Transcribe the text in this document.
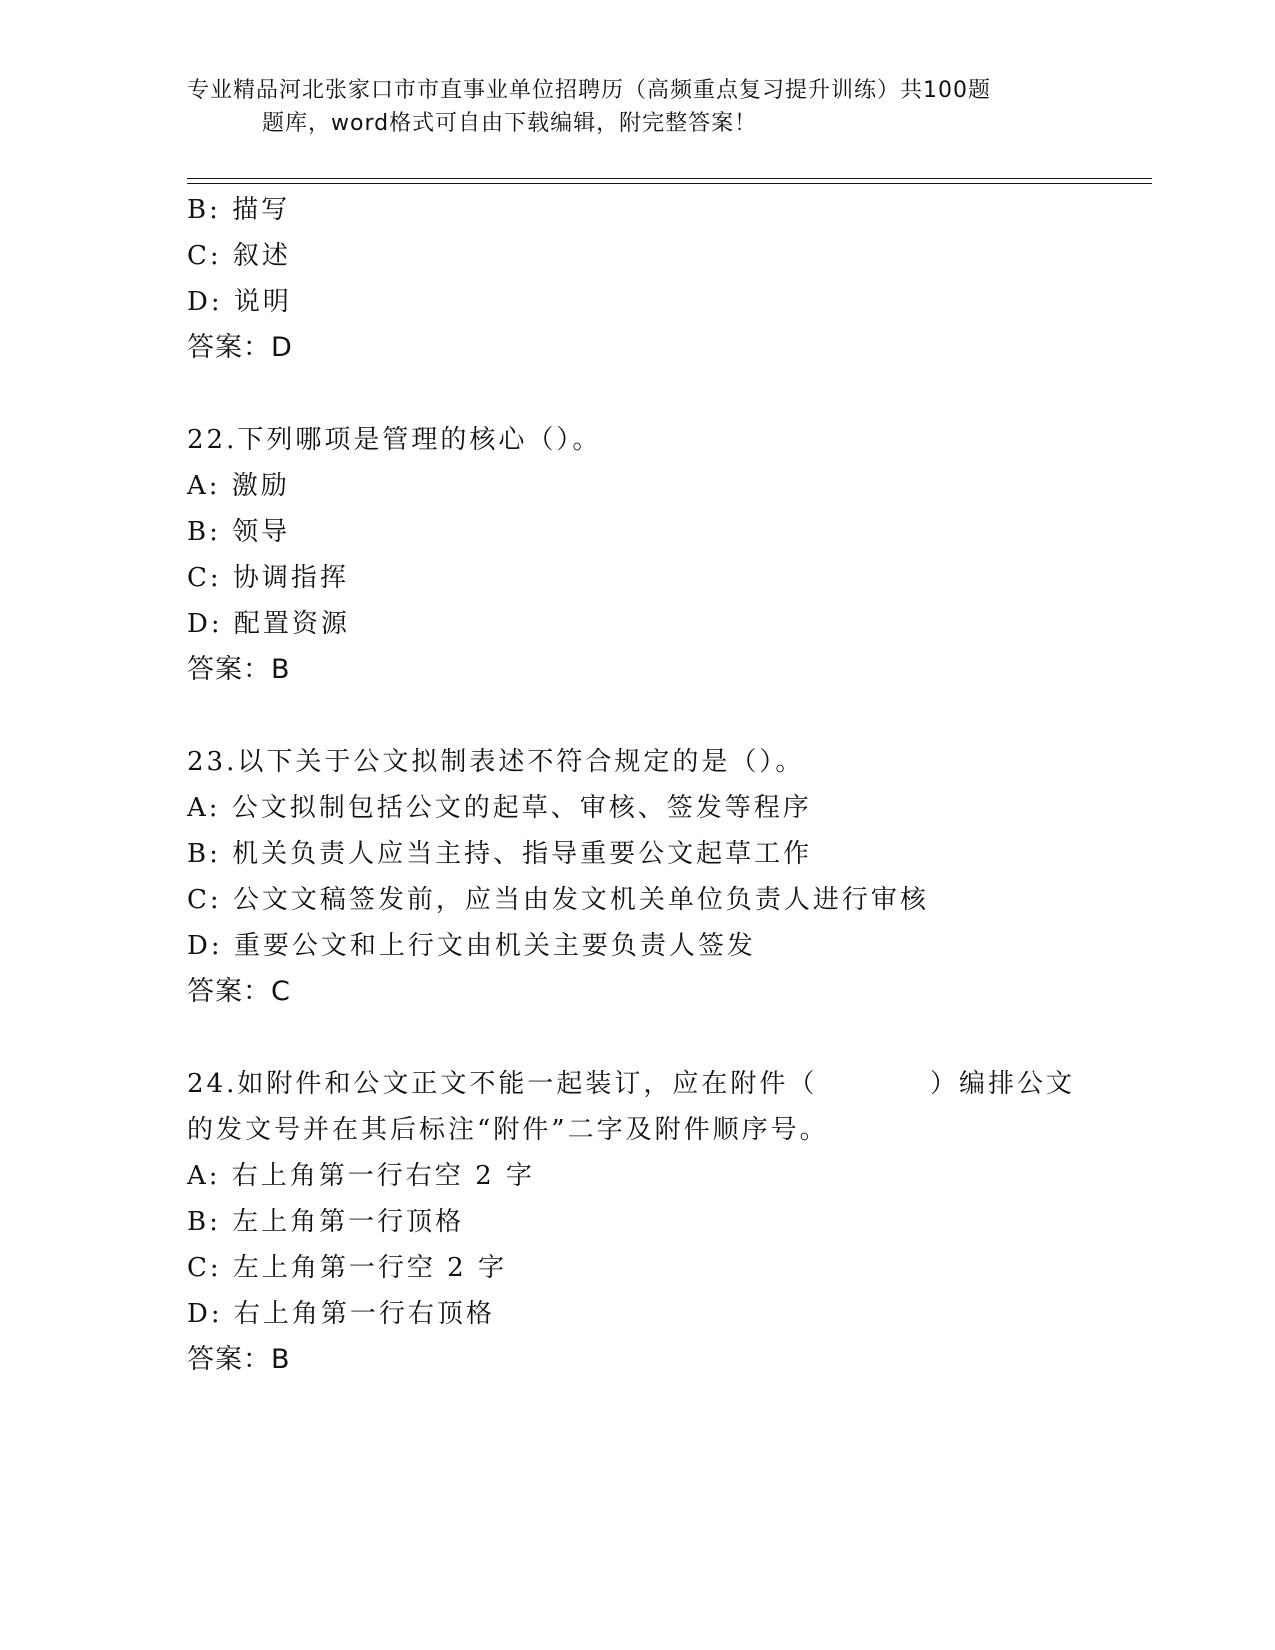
专业精品河北张家口市市直事业单位招聘历（高频重点复习提升训练）共100题
题库，word格式可自由下载编辑，附完整答案！
B: 描写
C: 叙述
D: 说明
答案：D
22.下列哪项是管理的核心（）。
A: 激励
B: 领导
C: 协调指挥
D: 配置资源
答案：B
23.以下关于公文拟制表述不符合规定的是（）。
A: 公文拟制包括公文的起草、审核、签发等程序
B: 机关负责人应当主持、指导重要公文起草工作
C: 公文文稿签发前，应当由发文机关单位负责人进行审核
D: 重要公文和上行文由机关主要负责人签发
答案：C
24.如附件和公文正文不能一起装订，应在附件（          ）编排公文
的发文号并在其后标注“附件”二字及附件顺序号。
A: 右上角第一行右空 2 字
B: 左上角第一行顶格
C: 左上角第一行空 2 字
D: 右上角第一行右顶格
答案：B
